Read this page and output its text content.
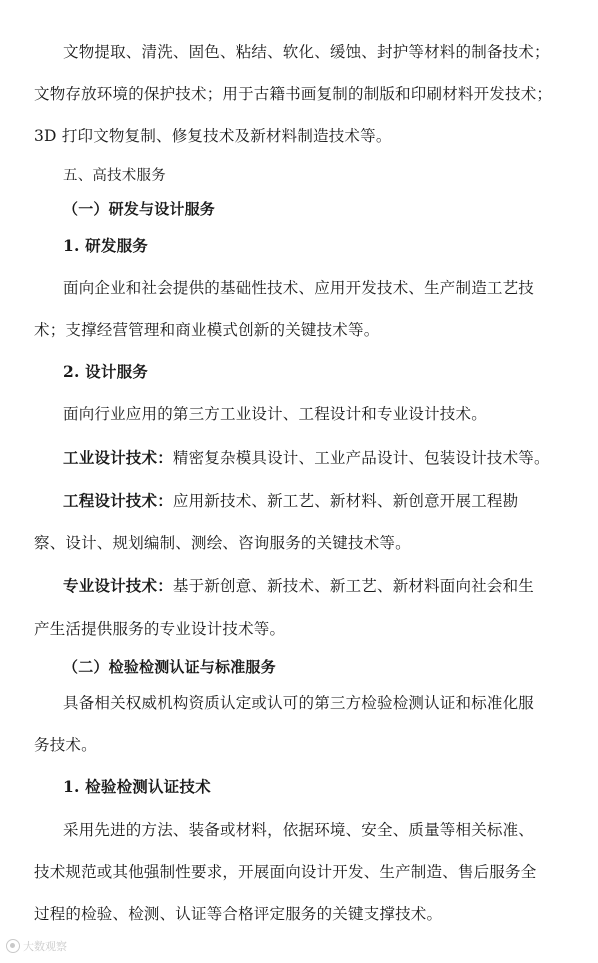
文物提取、清洗、固色、粘结、软化、缓蚀、封护等材料的制备技术；
文物存放环境的保护技术；用于古籍书画复制的制版和印刷材料开发技术；
3D 打印文物复制、修复技术及新材料制造技术等。
五、高技术服务
（一）研发与设计服务
1. 研发服务
面向企业和社会提供的基础性技术、应用开发技术、生产制造工艺技
术；支撑经营管理和商业模式创新的关键技术等。
2. 设计服务
面向行业应用的第三方工业设计、工程设计和专业设计技术。
工业设计技术：精密复杂模具设计、工业产品设计、包装设计技术等。
工程设计技术：应用新技术、新工艺、新材料、新创意开展工程勘
察、设计、规划编制、测绘、咨询服务的关键技术等。
专业设计技术：基于新创意、新技术、新工艺、新材料面向社会和生
产生活提供服务的专业设计技术等。
（二）检验检测认证与标准服务
具备相关权威机构资质认定或认可的第三方检验检测认证和标准化服
务技术。
1. 检验检测认证技术
采用先进的方法、装备或材料，依据环境、安全、质量等相关标准、
技术规范或其他强制性要求，开展面向设计开发、生产制造、售后服务全
过程的检验、检测、认证等合格评定服务的关键支撑技术。
大数观察
